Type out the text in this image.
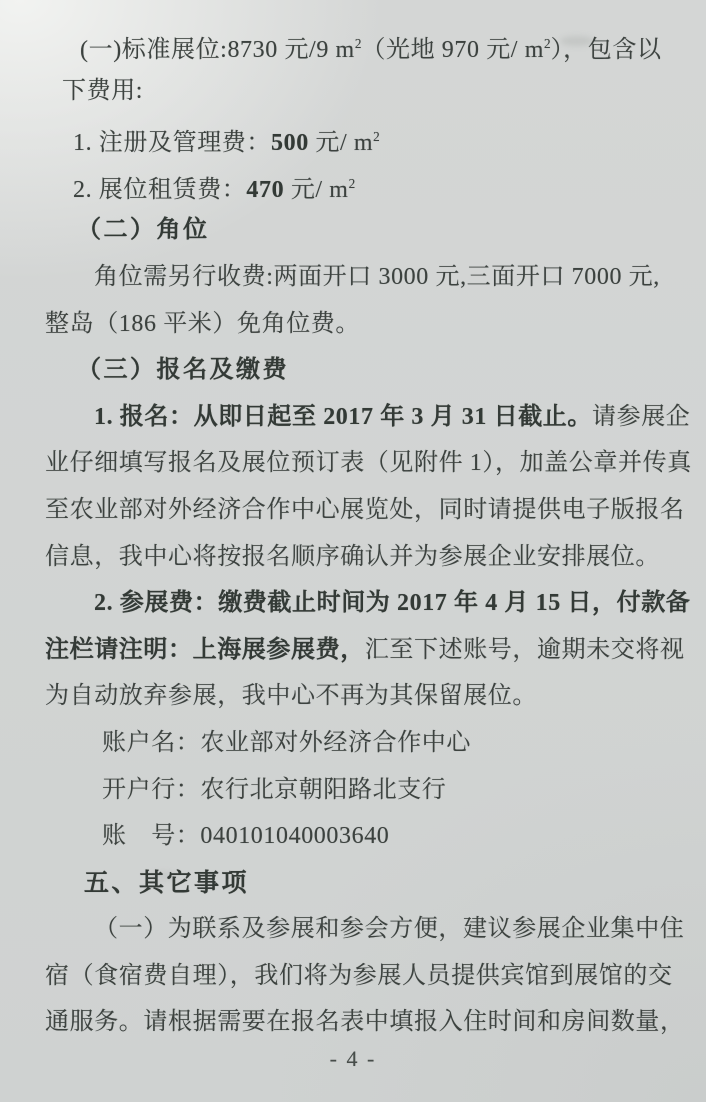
(一)标准展位:8730 元/9 $m^2$（光地 970 元/ $m^2$），包含以
下费用:
1. 注册及管理费：500 元/ $m^2$
2. 展位租赁费：470 元/ $m^2$
（二）角位
角位需另行收费:两面开口 3000 元,三面开口 7000 元,
整岛（186 平米）免角位费。
（三）报名及缴费
1. 报名：从即日起至 2017 年 3 月 31 日截止。请参展企
业仔细填写报名及展位预订表（见附件 1），加盖公章并传真
至农业部对外经济合作中心展览处，同时请提供电子版报名
信息，我中心将按报名顺序确认并为参展企业安排展位。
2. 参展费：缴费截止时间为 2017 年 4 月 15 日，付款备
注栏请注明：上海展参展费，汇至下述账号，逾期未交将视
为自动放弃参展，我中心不再为其保留展位。
账户名：农业部对外经济合作中心
开户行：农行北京朝阳路北支行
账　号：040101040003640
五、其它事项
（一）为联系及参展和参会方便，建议参展企业集中住
宿（食宿费自理），我们将为参展人员提供宾馆到展馆的交
通服务。请根据需要在报名表中填报入住时间和房间数量，
- 4 -
